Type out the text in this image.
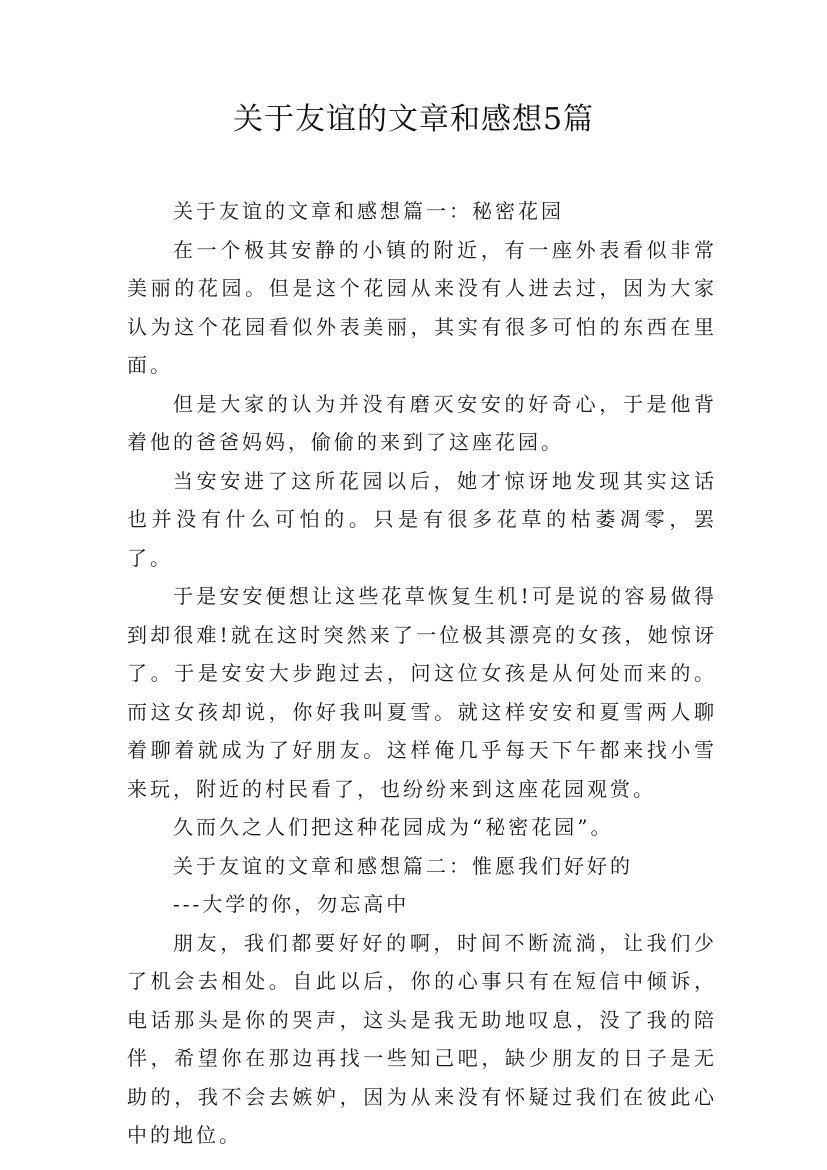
关于友谊的文章和感想5篇

关于友谊的文章和感想篇一：秘密花园

在一个极其安静的小镇的附近，有一座外表看似非常美丽的花园。但是这个花园从来没有人进去过，因为大家认为这个花园看似外表美丽，其实有很多可怕的东西在里面。

但是大家的认为并没有磨灭安安的好奇心，于是他背着他的爸爸妈妈，偷偷的来到了这座花园。

当安安进了这所花园以后，她才惊讶地发现其实这话也并没有什么可怕的。只是有很多花草的枯萎凋零，罢了。

于是安安便想让这些花草恢复生机!可是说的容易做得到却很难!就在这时突然来了一位极其漂亮的女孩，她惊讶了。于是安安大步跑过去，问这位女孩是从何处而来的。而这女孩却说，你好我叫夏雪。就这样安安和夏雪两人聊着聊着就成为了好朋友。这样俺几乎每天下午都来找小雪来玩，附近的村民看了，也纷纷来到这座花园观赏。

久而久之人们把这种花园成为“秘密花园”。

关于友谊的文章和感想篇二：惟愿我们好好的

---大学的你，勿忘高中

朋友，我们都要好好的啊，时间不断流淌，让我们少了机会去相处。自此以后，你的心事只有在短信中倾诉，电话那头是你的哭声，这头是我无助地叹息，没了我的陪伴，希望你在那边再找一些知己吧，缺少朋友的日子是无助的，我不会去嫉妒，因为从来没有怀疑过我们在彼此心中的地位。
